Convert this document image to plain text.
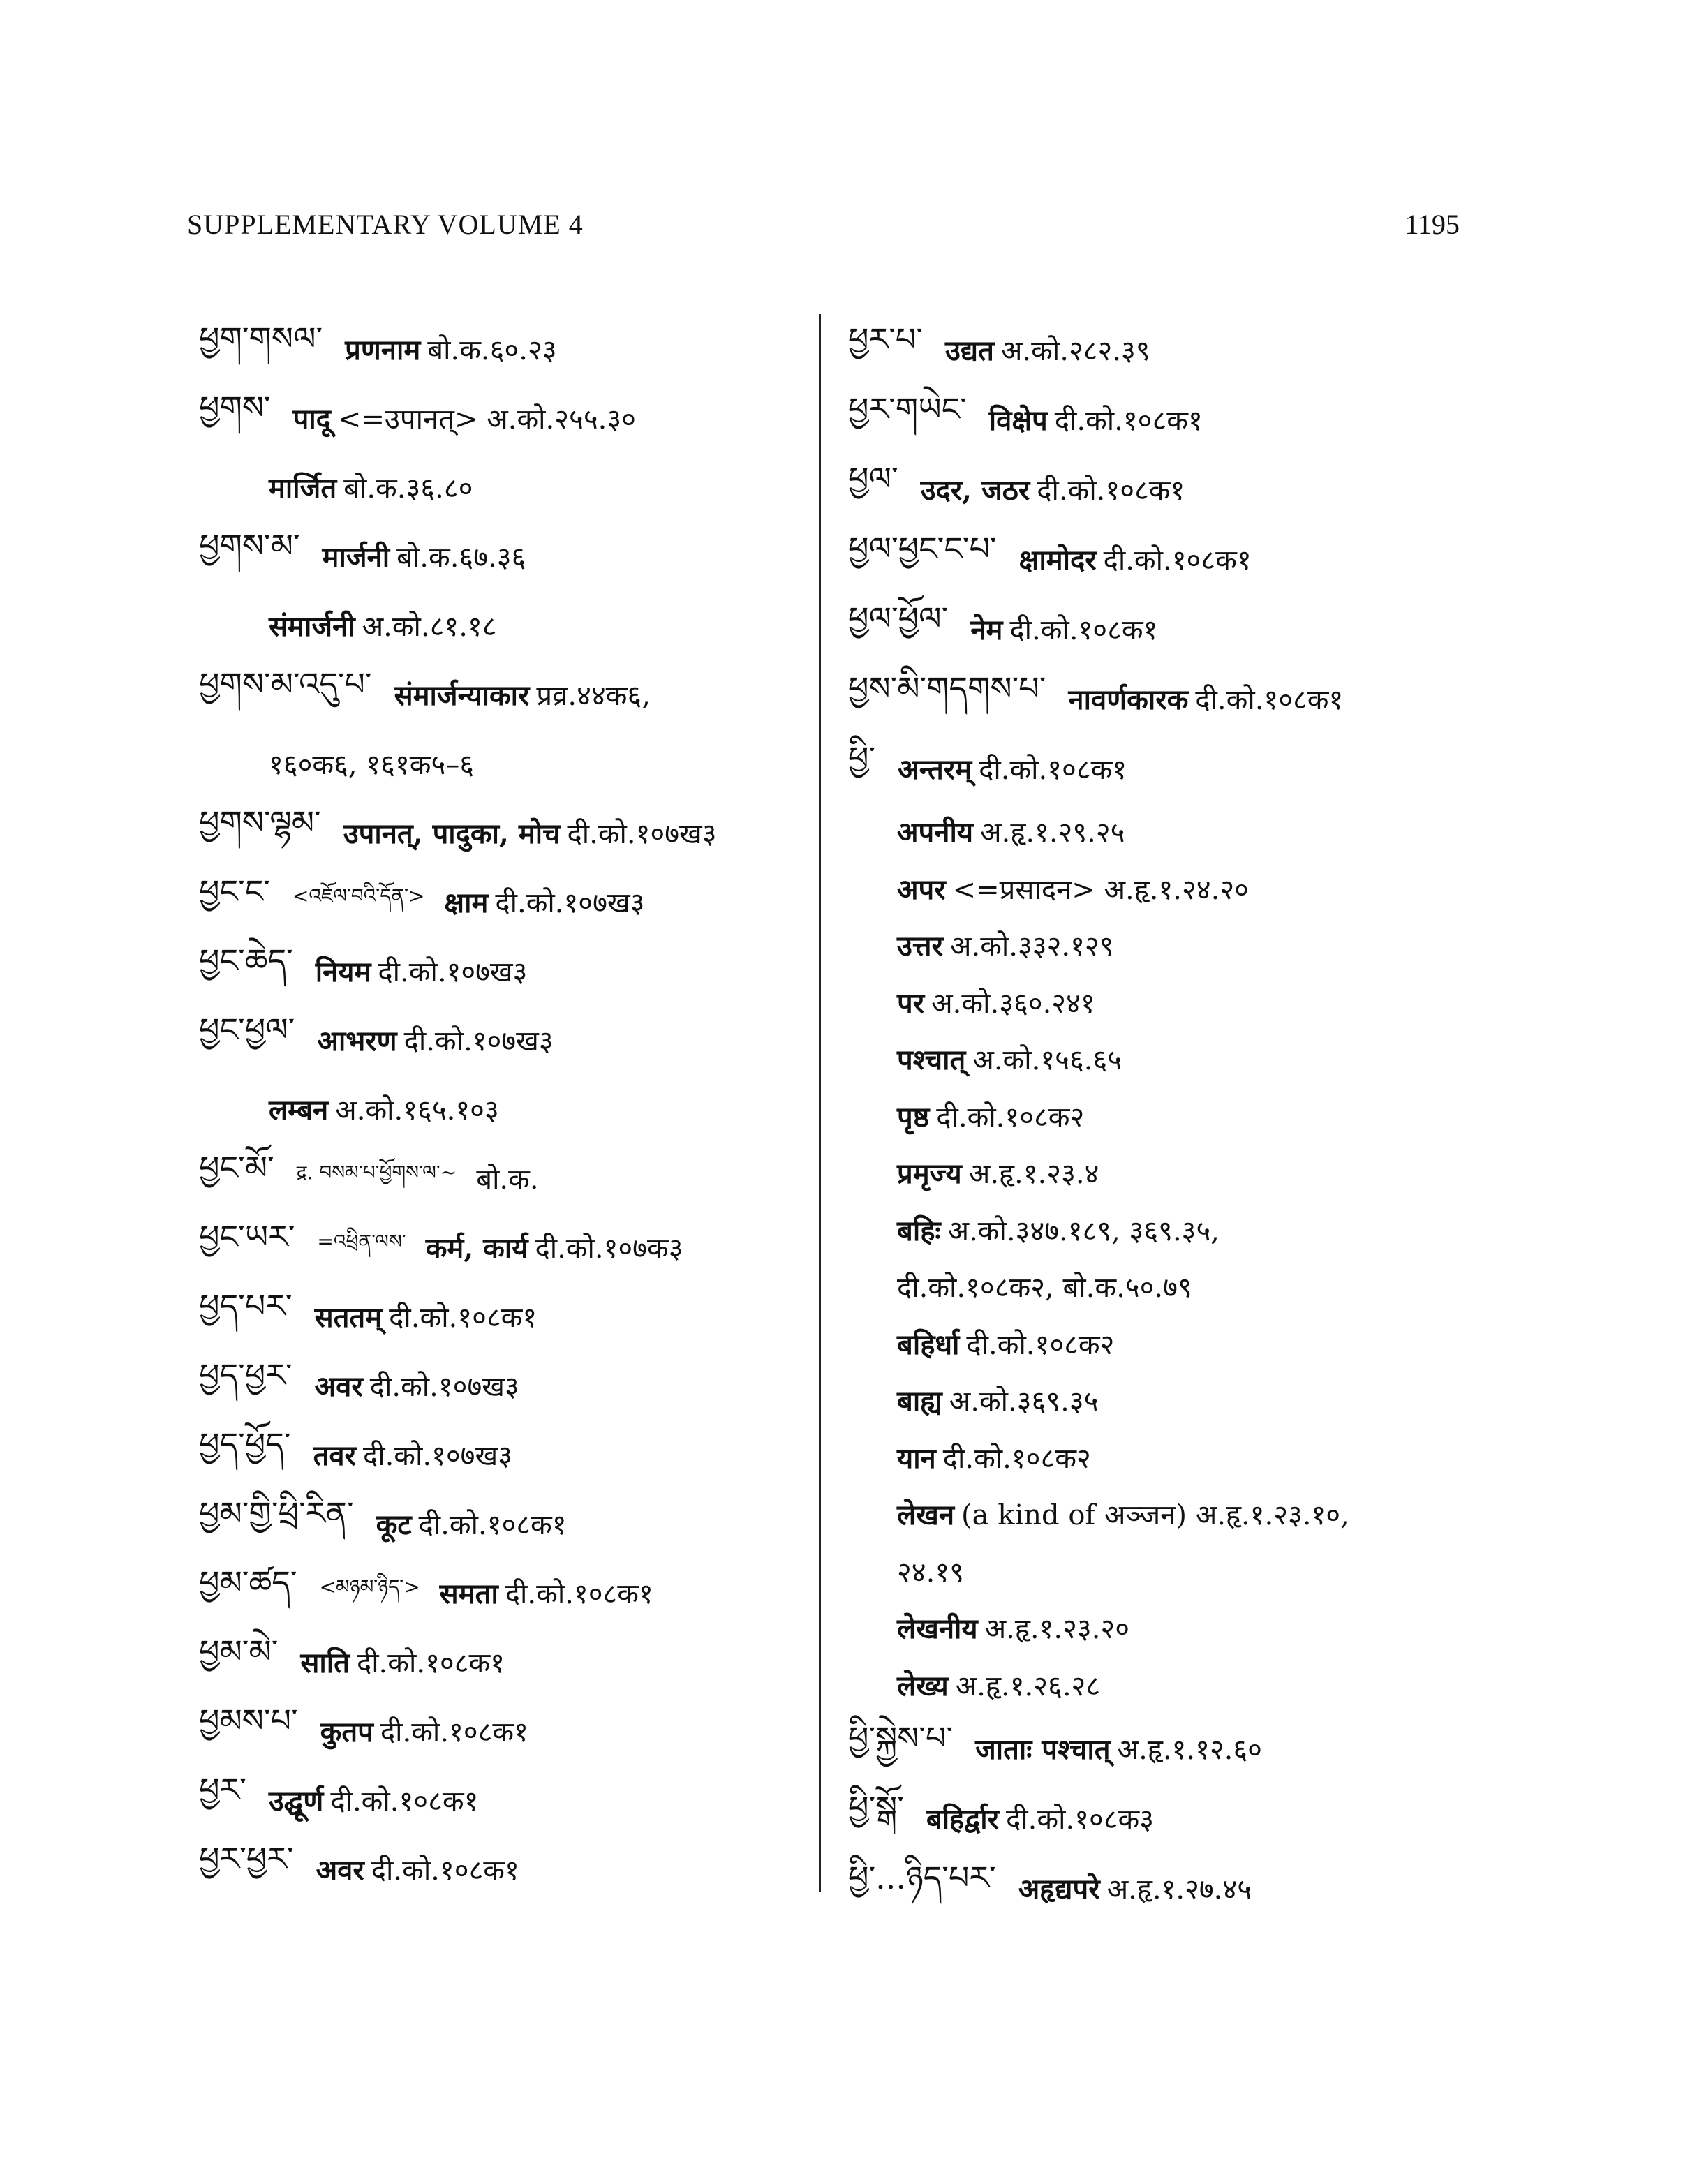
SUPPLEMENTARY VOLUME 4	1195
ཕྱག་གསལ་ प्रणनाम बो.क.६०.२३
ཕྱགས་ पादू <=उपानत्> अ.को.२५५.३०
मार्जित बो.क.३६.८०
ཕྱགས་མ་ मार्जनी बो.क.६७.३६
संमार्जनी अ.को.८१.१८
ཕྱགས་མ་འདུ་པ་ संमार्जन्याकार प्रव्र.४४क६,
१६०क६, १६१क५–६
ཕྱགས་ལྷམ་ उपानत्, पादुका, मोच दी.को.१०७ख३
ཕྱང་ང་ <འཇོལ་བའི་དོན་> क्षाम दी.को.१०७ख३
ཕྱང་ཆེད་ नियम दी.को.१०७ख३
ཕྱང་ཕྱལ་ आभरण दी.को.१०७ख३
लम्बन अ.को.१६५.१०३
ཕྱང་མོ་ द्र. བསམ་པ་ཕྱོགས་ལ་~ बो.क.
ཕྱང་ཡར་ =འཕྲིན་ལས་ कर्म, कार्य दी.को.१०७क३
ཕྱད་པར་ सततम् दी.को.१०८क१
ཕྱད་ཕྱར་ अवर दी.को.१०७ख३
ཕྱད་ཕྱོད་ तवर दी.को.१०७ख३
ཕྱམ་གྱི་ཕྲི་རིན་ कूट दी.को.१०८क१
ཕྱམ་ཚད་ <མཉམ་ཉིད་> समता दी.को.१०८क१
ཕྱམ་མེ་ साति दी.को.१०८क१
ཕྱམས་པ་ कुतप दी.को.१०८क१
ཕྱར་ उद्घूर्ण दी.को.१०८क१
ཕྱར་ཕྱར་ अवर दी.को.१०८क१
ཕྱར་པ་ उद्यत अ.को.२८२.३९
ཕྱར་གཡེང་ विक्षेप दी.को.१०८क१
ཕྱལ་ उदर, जठर दी.को.१०८क१
ཕྱལ་ཕྱང་ང་པ་ क्षामोदर दी.को.१०८क१
ཕྱལ་ཕྱོལ་ नेम दी.को.१०८क१
ཕྱས་མི་གདགས་པ་ नावर्णकारक दी.को.१०८क१
ཕྱི་ अन्तरम् दी.को.१०८क१
अपनीय अ.हृ.१.२९.२५
अपर <=प्रसादन> अ.हृ.१.२४.२०
उत्तर अ.को.३३२.१२९
पर अ.को.३६०.२४१
पश्चात् अ.को.१५६.६५
पृष्ठ दी.को.१०८क२
प्रमृज्य अ.हृ.१.२३.४
बहिः अ.को.३४७.१८९, ३६९.३५,
दी.को.१०८क२, बो.क.५०.७९
बहिर्धा दी.को.१०८क२
बाह्य अ.को.३६९.३५
यान दी.को.१०८क२
लेखन (a kind of अञ्जन) अ.हृ.१.२३.१०,
२४.१९
लेखनीय अ.हृ.१.२३.२०
लेख्य अ.हृ.१.२६.२८
ཕྱི་སྐྱེས་པ་ जाताः पश्चात् अ.हृ.१.१२.६०
ཕྱི་སྒོ་ बहिर्द्वार दी.को.१०८क३
ཕྱི་...ཉིད་པར་ अहृद्यपरे अ.हृ.१.२७.४५
